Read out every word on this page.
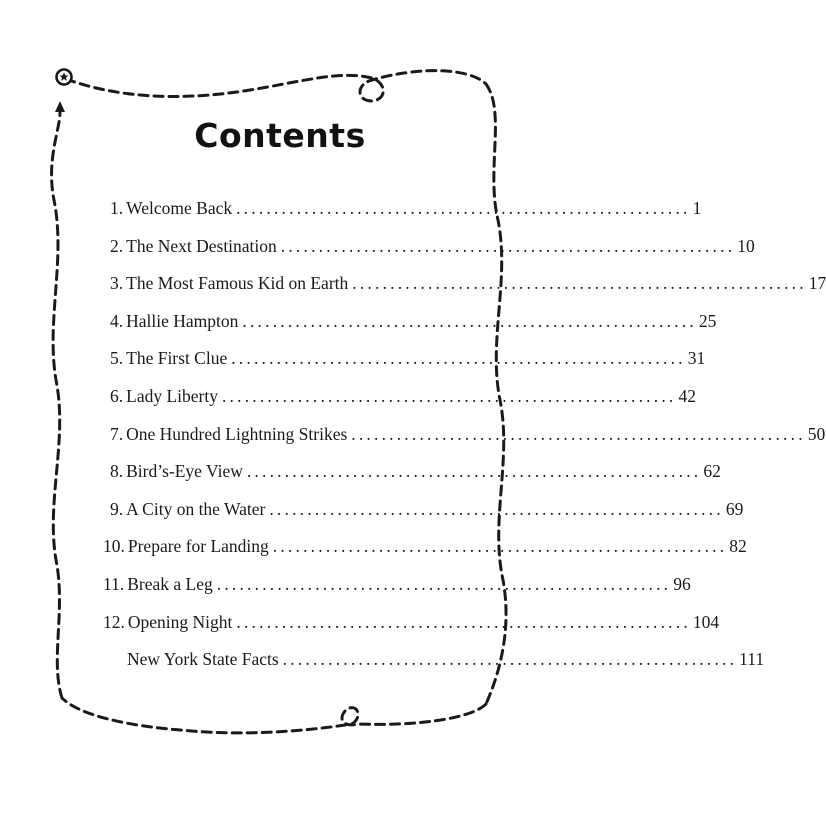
Contents
1. Welcome Back ............................................................ 1
2. The Next Destination ............................................................ 10
3. The Most Famous Kid on Earth ............................................................ 17
4. Hallie Hampton ............................................................ 25
5. The First Clue ............................................................ 31
6. Lady Liberty ............................................................ 42
7. One Hundred Lightning Strikes ............................................................ 50
8. Bird’s-Eye View ............................................................ 62
9. A City on the Water ............................................................ 69
10. Prepare for Landing ............................................................ 82
11. Break a Leg ............................................................ 96
12. Opening Night ............................................................ 104
New York State Facts ............................................................ 111
